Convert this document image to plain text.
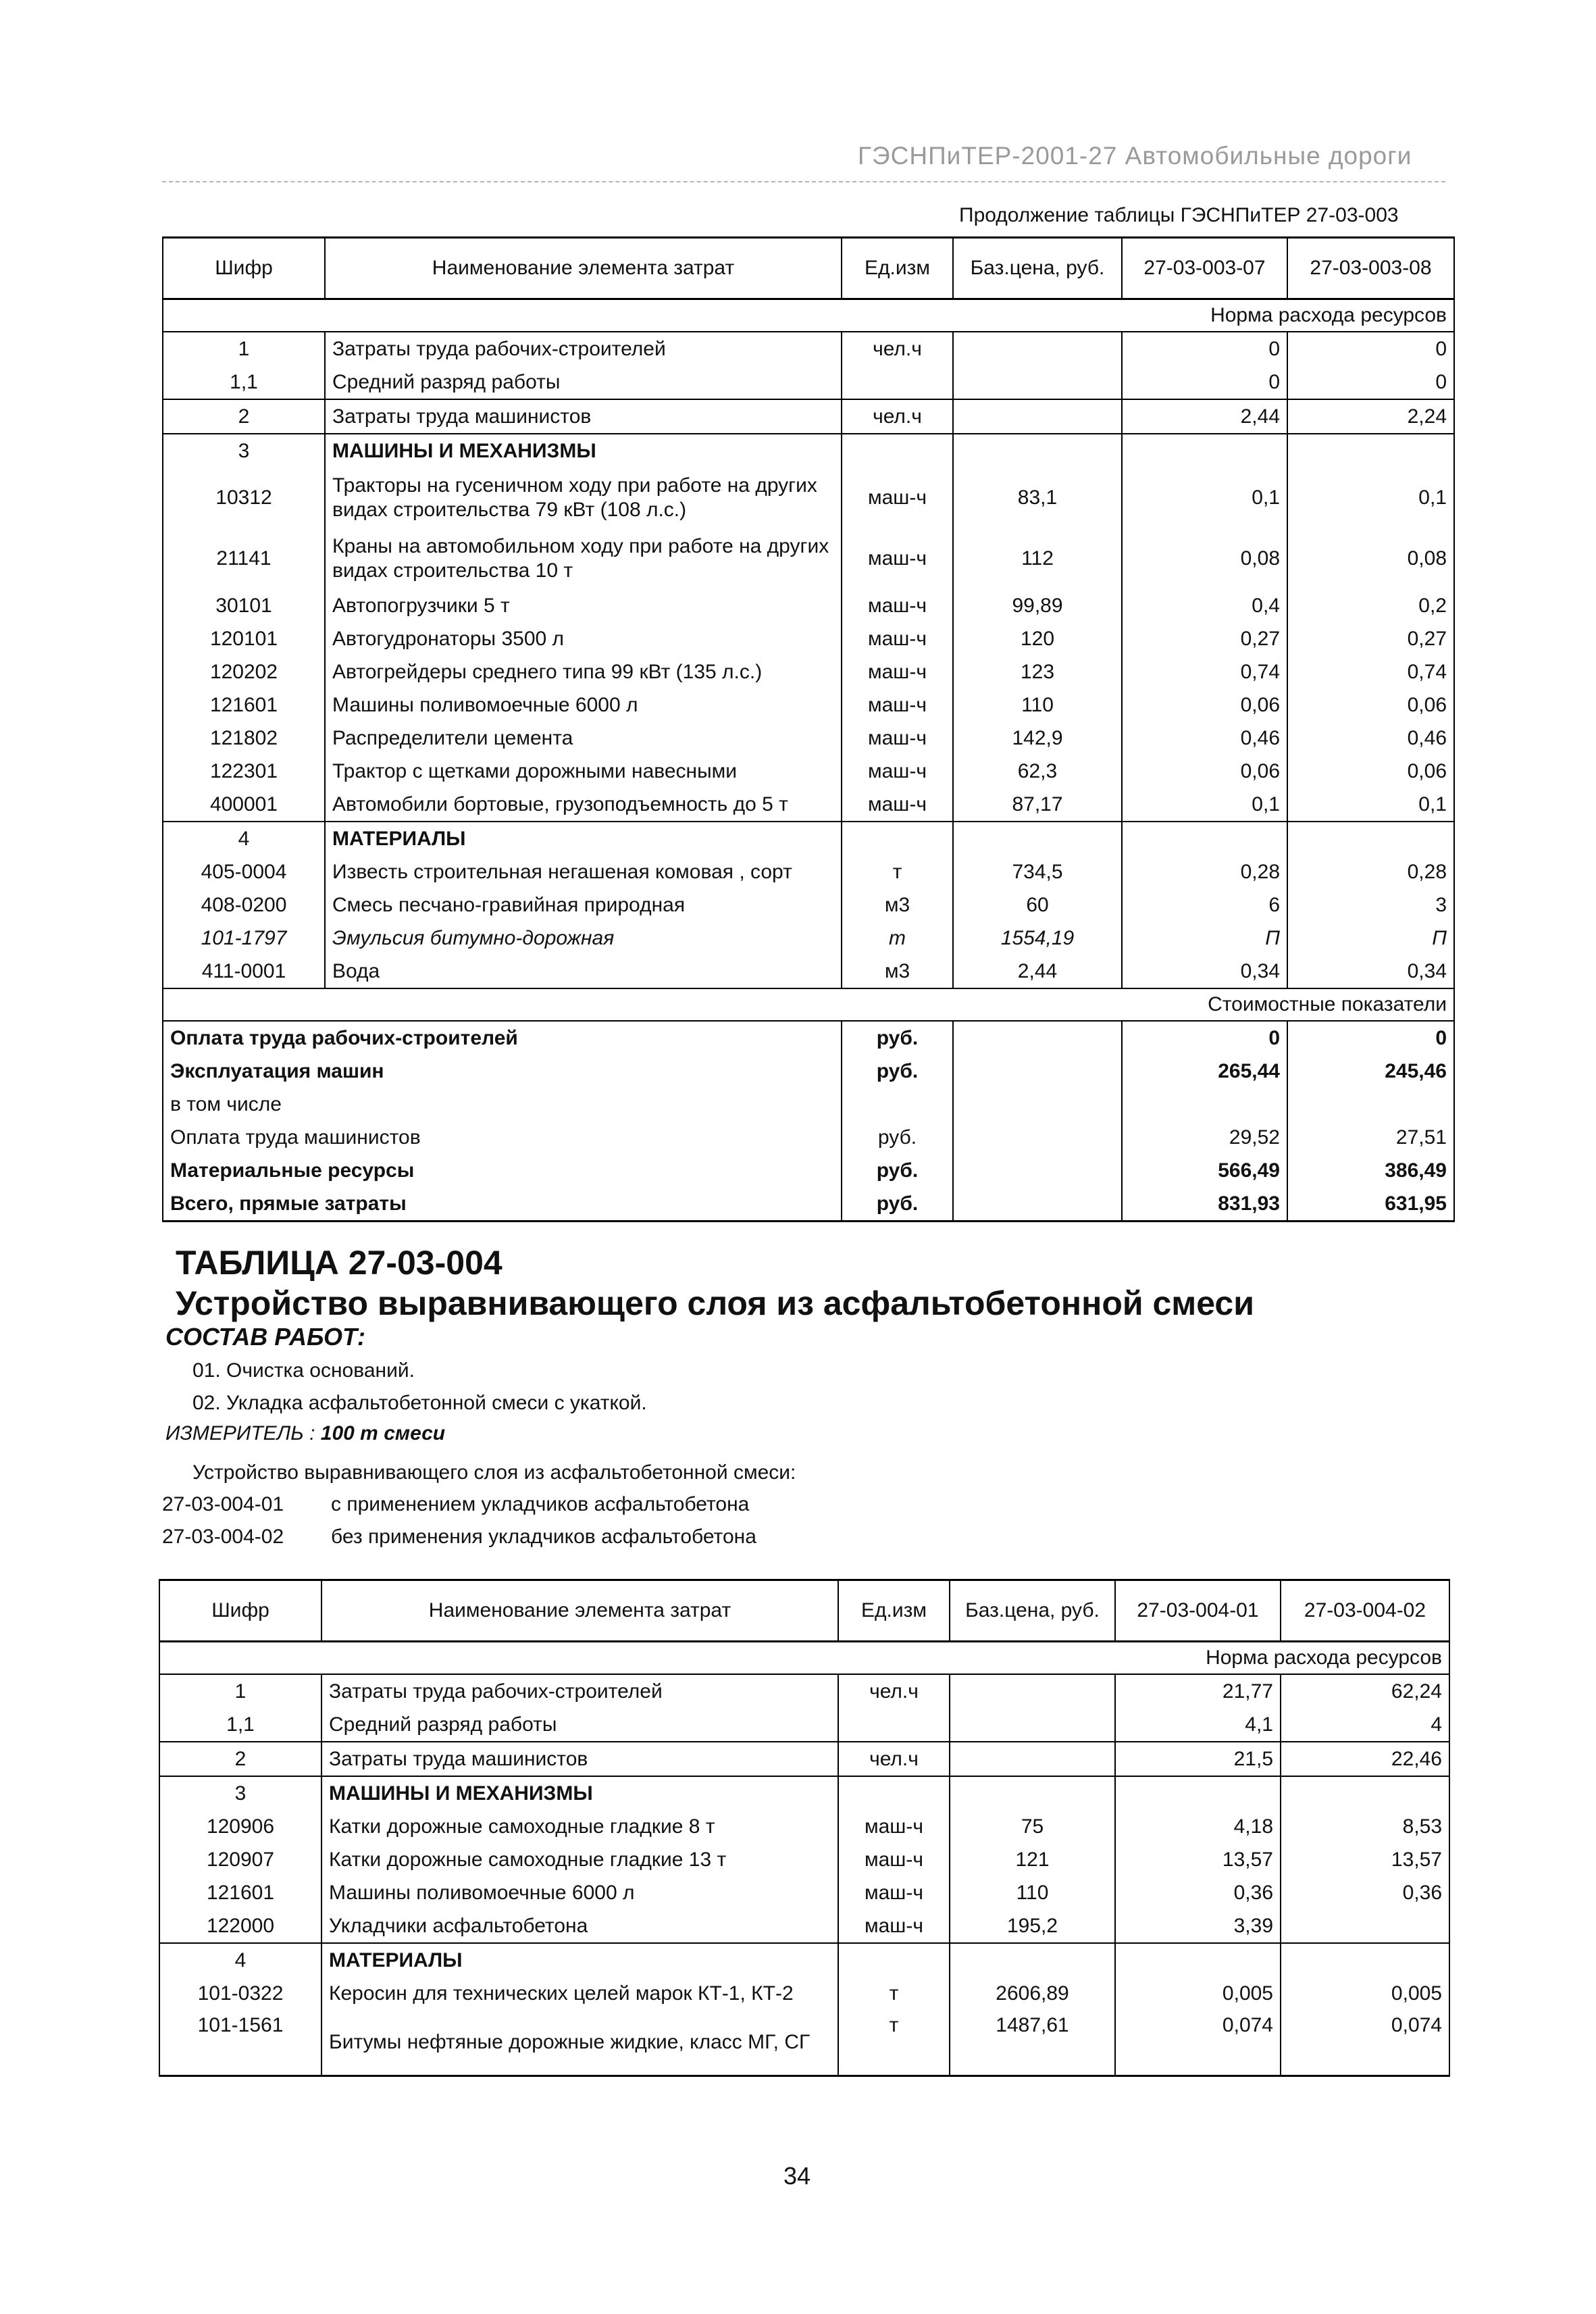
ГЭСНПиТЕР-2001-27 Автомобильные дороги
Продолжение таблицы ГЭСНПиТЕР 27-03-003
Шифр	Наименование элемента затрат	Ед.изм	Баз.цена, руб.	27-03-003-07	27-03-003-08
Норма расхода ресурсов					
1	Затраты труда рабочих-строителей	чел.ч		0	0
1,1	Средний разряд работы			0	0
2	Затраты труда машинистов	чел.ч		2,44	2,24
3	МАШИНЫ И МЕХАНИЗМЫ				
10312	Тракторы на гусеничном ходу при работе на других видах строительства 79 кВт (108 л.с.)	маш-ч	83,1	0,1	0,1
21141	Краны на автомобильном ходу при работе на других видах строительства 10 т	маш-ч	112	0,08	0,08
30101	Автопогрузчики 5 т	маш-ч	99,89	0,4	0,2
120101	Автогудронаторы 3500 л	маш-ч	120	0,27	0,27
120202	Автогрейдеры среднего типа 99 кВт (135 л.с.)	маш-ч	123	0,74	0,74
121601	Машины поливомоечные 6000 л	маш-ч	110	0,06	0,06
121802	Распределители цемента	маш-ч	142,9	0,46	0,46
122301	Трактор с щетками дорожными навесными	маш-ч	62,3	0,06	0,06
400001	Автомобили бортовые, грузоподъемность до 5 т	маш-ч	87,17	0,1	0,1
4	МАТЕРИАЛЫ				
405-0004	Известь строительная негашеная комовая , сорт	т	734,5	0,28	0,28
408-0200	Смесь песчано-гравийная природная	м3	60	6	3
101-1797	Эмульсия битумно-дорожная	т	1554,19	П	П
411-0001	Вода	м3	2,44	0,34	0,34
Стоимостные показатели					
Оплата труда рабочих-строителей		руб.		0	0
Эксплуатация машин		руб.		265,44	245,46
в том числе					
Оплата труда машинистов		руб.		29,52	27,51
Материальные ресурсы		руб.		566,49	386,49
Всего, прямые затраты		руб.		831,93	631,95
ТАБЛИЦА 27-03-004
Устройство выравнивающего слоя из асфальтобетонной смеси
СОСТАВ РАБОТ:
01. Очистка оснований.
02. Укладка асфальтобетонной смеси с укаткой.
ИЗМЕРИТЕЛЬ : 100 т смеси
Устройство выравнивающего слоя из асфальтобетонной смеси:
27-03-004-01 с применением укладчиков асфальтобетона
27-03-004-02 без применения укладчиков асфальтобетона
Шифр	Наименование элемента затрат	Ед.изм	Баз.цена, руб.	27-03-004-01	27-03-004-02
Норма расхода ресурсов					
1	Затраты труда рабочих-строителей	чел.ч		21,77	62,24
1,1	Средний разряд работы			4,1	4
2	Затраты труда машинистов	чел.ч		21,5	22,46
3	МАШИНЫ И МЕХАНИЗМЫ				
120906	Катки дорожные самоходные гладкие 8 т	маш-ч	75	4,18	8,53
120907	Катки дорожные самоходные гладкие 13 т	маш-ч	121	13,57	13,57
121601	Машины поливомоечные 6000 л	маш-ч	110	0,36	0,36
122000	Укладчики асфальтобетона	маш-ч	195,2	3,39	
4	МАТЕРИАЛЫ				
101-0322	Керосин для технических целей марок КТ-1, КТ-2	т	2606,89	0,005	0,005
101-1561	Битумы нефтяные дорожные жидкие, класс МГ, СГ	т	1487,61	0,074	0,074
34
